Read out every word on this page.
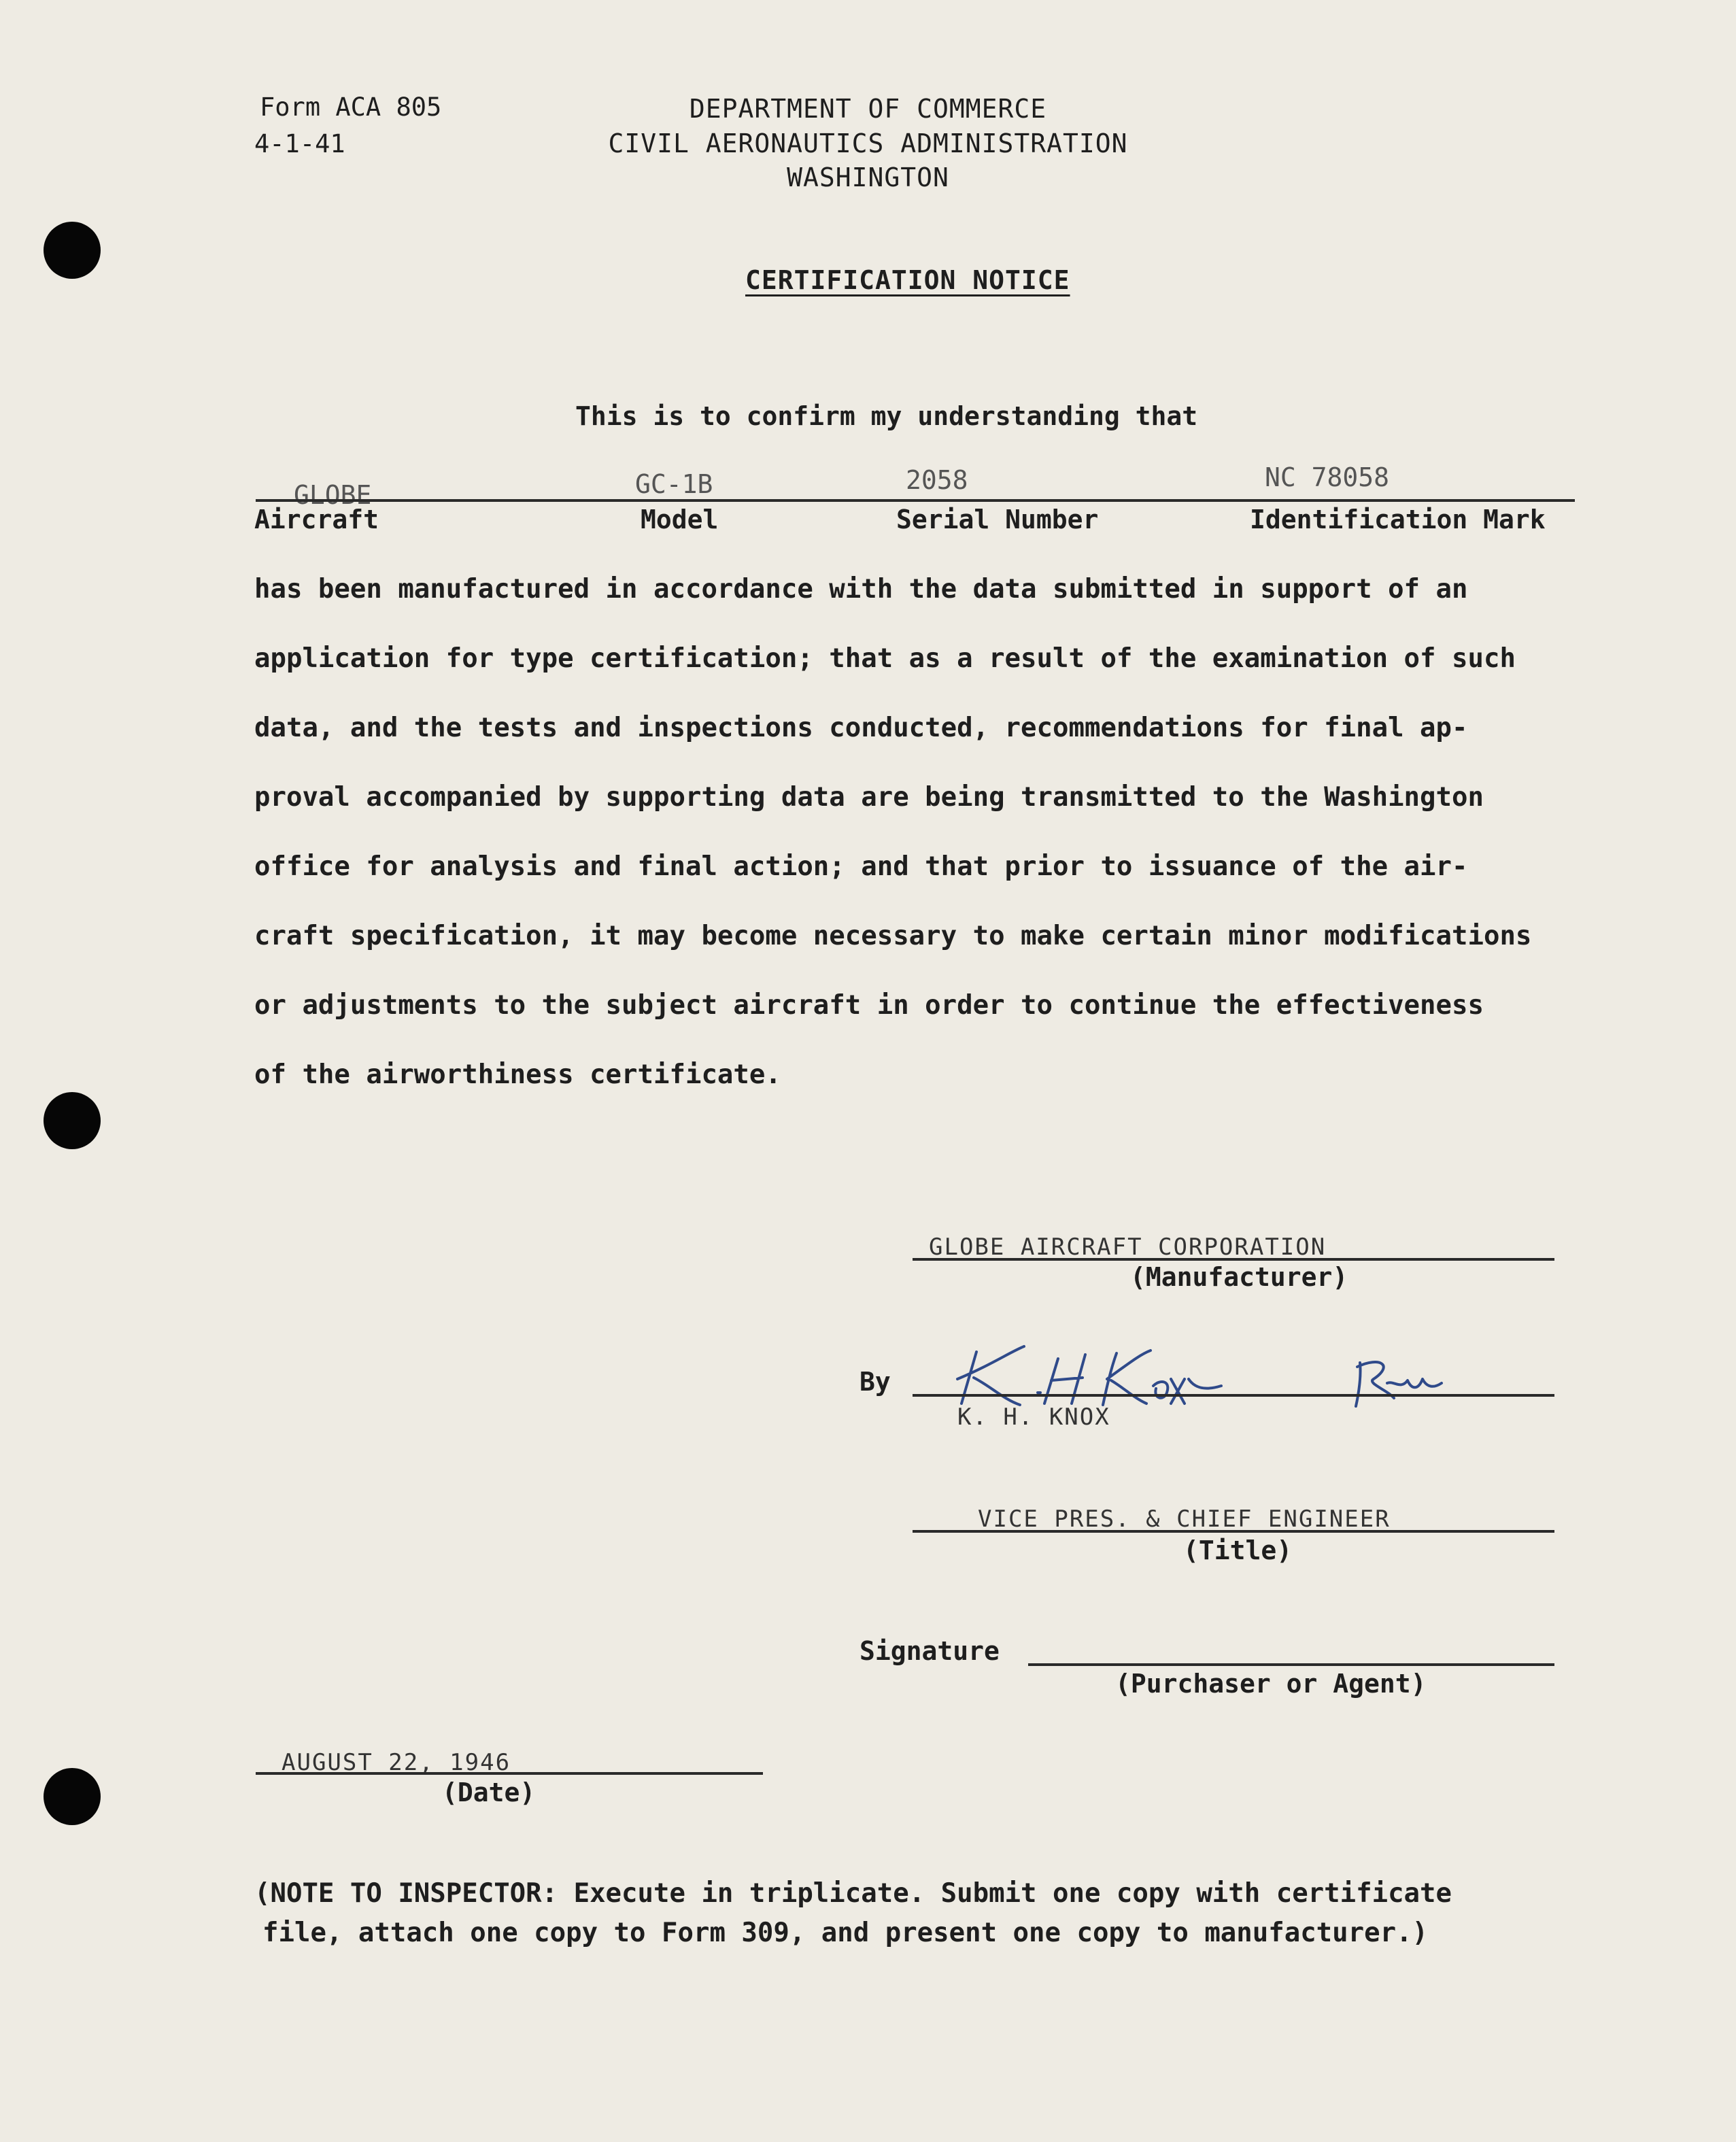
Form ACA 805
4-1-41
DEPARTMENT OF COMMERCE
CIVIL AERONAUTICS ADMINISTRATION
WASHINGTON
CERTIFICATION NOTICE
This is to confirm my understanding that
GLOBE	GC-1B	2058	NC 78058
Aircraft	Model	Serial Number	Identification Mark
has been manufactured in accordance with the data submitted in support of an
application for type certification; that as a result of the examination of such
data, and the tests and inspections conducted, recommendations for final ap-
proval accompanied by supporting data are being transmitted to the Washington
office for analysis and final action; and that prior to issuance of the air-
craft specification, it may become necessary to make certain minor modifications
or adjustments to the subject aircraft in order to continue the effectiveness
of the airworthiness certificate.
GLOBE AIRCRAFT CORPORATION
(Manufacturer)
By
K. H. KNOX
VICE PRES. & CHIEF ENGINEER
(Title)
Signature
(Purchaser or Agent)
AUGUST 22, 1946
(Date)
(NOTE TO INSPECTOR: Execute in triplicate. Submit one copy with certificate
file, attach one copy to Form 309, and present one copy to manufacturer.)
